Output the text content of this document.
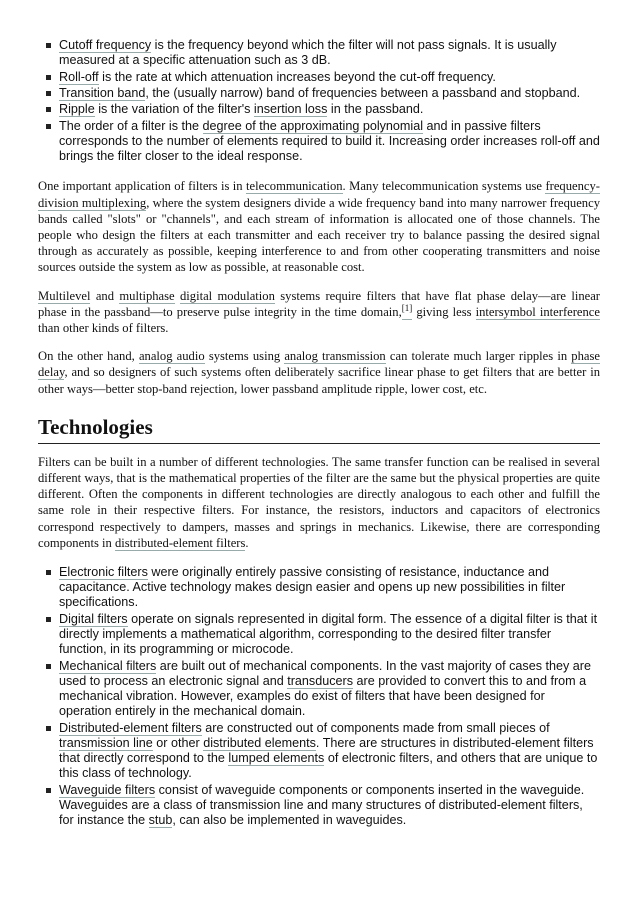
Cutoff frequency is the frequency beyond which the filter will not pass signals. It is usually measured at a specific attenuation such as 3 dB.
Roll-off is the rate at which attenuation increases beyond the cut-off frequency.
Transition band, the (usually narrow) band of frequencies between a passband and stopband.
Ripple is the variation of the filter's insertion loss in the passband.
The order of a filter is the degree of the approximating polynomial and in passive filters corresponds to the number of elements required to build it. Increasing order increases roll-off and brings the filter closer to the ideal response.

One important application of filters is in telecommunication. Many telecommunication systems use frequency-division multiplexing, where the system designers divide a wide frequency band into many narrower frequency bands called "slots" or "channels", and each stream of information is allocated one of those channels. The people who design the filters at each transmitter and each receiver try to balance passing the desired signal through as accurately as possible, keeping interference to and from other cooperating transmitters and noise sources outside the system as low as possible, at reasonable cost.

Multilevel and multiphase digital modulation systems require filters that have flat phase delay—are linear phase in the passband—to preserve pulse integrity in the time domain,[1] giving less intersymbol interference than other kinds of filters.

On the other hand, analog audio systems using analog transmission can tolerate much larger ripples in phase delay, and so designers of such systems often deliberately sacrifice linear phase to get filters that are better in other ways—better stop-band rejection, lower passband amplitude ripple, lower cost, etc.

Technologies

Filters can be built in a number of different technologies. The same transfer function can be realised in several different ways, that is the mathematical properties of the filter are the same but the physical properties are quite different. Often the components in different technologies are directly analogous to each other and fulfill the same role in their respective filters. For instance, the resistors, inductors and capacitors of electronics correspond respectively to dampers, masses and springs in mechanics. Likewise, there are corresponding components in distributed-element filters.

Electronic filters were originally entirely passive consisting of resistance, inductance and capacitance. Active technology makes design easier and opens up new possibilities in filter specifications.
Digital filters operate on signals represented in digital form. The essence of a digital filter is that it directly implements a mathematical algorithm, corresponding to the desired filter transfer function, in its programming or microcode.
Mechanical filters are built out of mechanical components. In the vast majority of cases they are used to process an electronic signal and transducers are provided to convert this to and from a mechanical vibration. However, examples do exist of filters that have been designed for operation entirely in the mechanical domain.
Distributed-element filters are constructed out of components made from small pieces of transmission line or other distributed elements. There are structures in distributed-element filters that directly correspond to the lumped elements of electronic filters, and others that are unique to this class of technology.
Waveguide filters consist of waveguide components or components inserted in the waveguide. Waveguides are a class of transmission line and many structures of distributed-element filters, for instance the stub, can also be implemented in waveguides.
